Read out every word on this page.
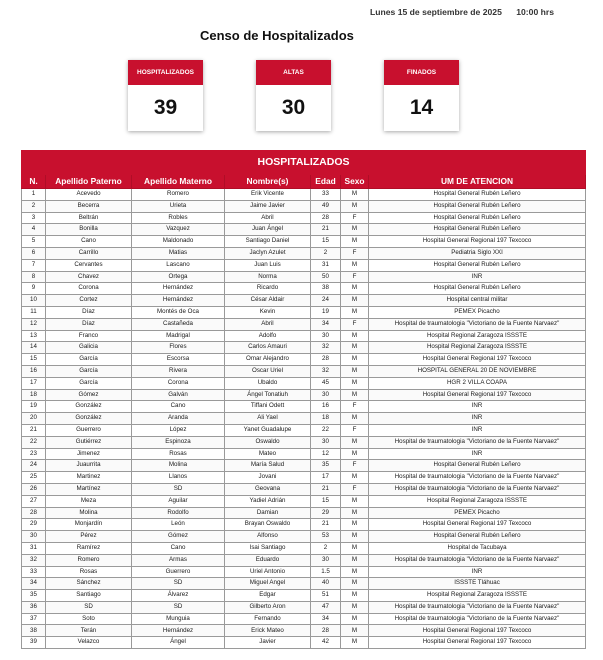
Lunes 15 de septiembre de 2025 10:00 hrs
Censo de Hospitalizados
HOSPITALIZADOS
39
ALTAS
30
FINADOS
14
HOSPITALIZADOS						
N.	Apellido Paterno	Apellido Materno	Nombre(s)	Edad	Sexo	UM DE ATENCION
1	Acevedo	Romero	Erik Vicente	33	M	Hospital General Rubén Leñero
2	Becerra	Urieta	Jaime Javier	49	M	Hospital General Rubén Leñero
3	Beltrán	Robles	Abril	28	F	Hospital General Rubén Leñero
4	Bonilla	Vazquez	Juan Ángel	21	M	Hospital General Rubén Leñero
5	Cano	Maldonado	Santiago Daniel	15	M	Hospital General Regional 197 Texcoco
6	Carrillo	Matias	Jaclyn Azulet	2	F	Pediatria Siglo XXI
7	Cervantes	Lascano	Juan Luis	31	M	Hospital General Rubén Leñero
8	Chavez	Ortega	Norma	50	F	INR
9	Corona	Hernández	Ricardo	38	M	Hospital General Rubén Leñero
10	Cortez	Hernández	César Aldair	24	M	Hospital central militar
11	Díaz	Montés de Oca	Kevin	19	M	PEMEX Picacho
12	Díaz	Castañeda	Abril	34	F	Hospital de traumatologia "Victoriano de la Fuente Narvaez"
13	Franco	Madrigal	Adolfo	30	M	Hospital Regional Zaragoza ISSSTE
14	Galicia	Flores	Carlos Amauri	32	M	Hospital Regional Zaragoza ISSSTE
15	García	Escorsa	Omar Alejandro	28	M	Hospital General Regional 197 Texcoco
16	García	Rivera	Oscar Uriel	32	M	HOSPITAL GENERAL 20 DE NOVIEMBRE
17	García	Corona	Ubaldo	45	M	HGR 2 VILLA COAPA
18	Gómez	Galván	Ángel Tonatiuh	30	M	Hospital General Regional 197 Texcoco
19	González	Cano	Tiffani Odett	16	F	INR
20	González	Aranda	Ali Yael	18	M	INR
21	Guerrero	López	Yanet Guadalupe	22	F	INR
22	Gutiérrez	Espinoza	Oswaldo	30	M	Hospital de traumatologia "Victoriano de la Fuente Narvaez"
23	Jimenez	Rosas	Mateo	12	M	INR
24	Juaurrita	Molina	María Salud	35	F	Hospital General Rubén Leñero
25	Martinez	Llanos	Jovani	17	M	Hospital de traumatologia "Victoriano de la Fuente Narvaez"
26	Martínez	SD	Geovana	21	F	Hospital de traumatologia "Victoriano de la Fuente Narvaez"
27	Meza	Aguilar	Yadiel Adrián	15	M	Hospital Regional Zaragoza ISSSTE
28	Molina	Rodolfo	Damian	29	M	PEMEX Picacho
29	Monjardín	León	Brayan Oswaldo	21	M	Hospital General Regional 197 Texcoco
30	Pérez	Gómez	Alfonso	53	M	Hospital General Rubén Leñero
31	Ramírez	Cano	Isai Santiago	2	M	Hospital de Tacubaya
32	Romero	Armas	Eduardo	30	M	Hospital de traumatologia "Victoriano de la Fuente Narvaez"
33	Rosas	Guerrero	Uriel Antonio	1.5	M	INR
34	Sánchez	SD	Miguel Angel	40	M	ISSSTE Tláhuac
35	Santiago	Álvarez	Edgar	51	M	Hospital Regional Zaragoza ISSSTE
36	SD	SD	Gilberto Aron	47	M	Hospital de traumatologia "Victoriano de la Fuente Narvaez"
37	Soto	Munguia	Fernando	34	M	Hospital de traumatologia "Victoriano de la Fuente Narvaez"
38	Terán	Hernández	Erick Mateo	28	M	Hospital General Regional 197 Texcoco
39	Velazco	Ángel	Javier	42	M	Hospital General Regional 197 Texcoco
